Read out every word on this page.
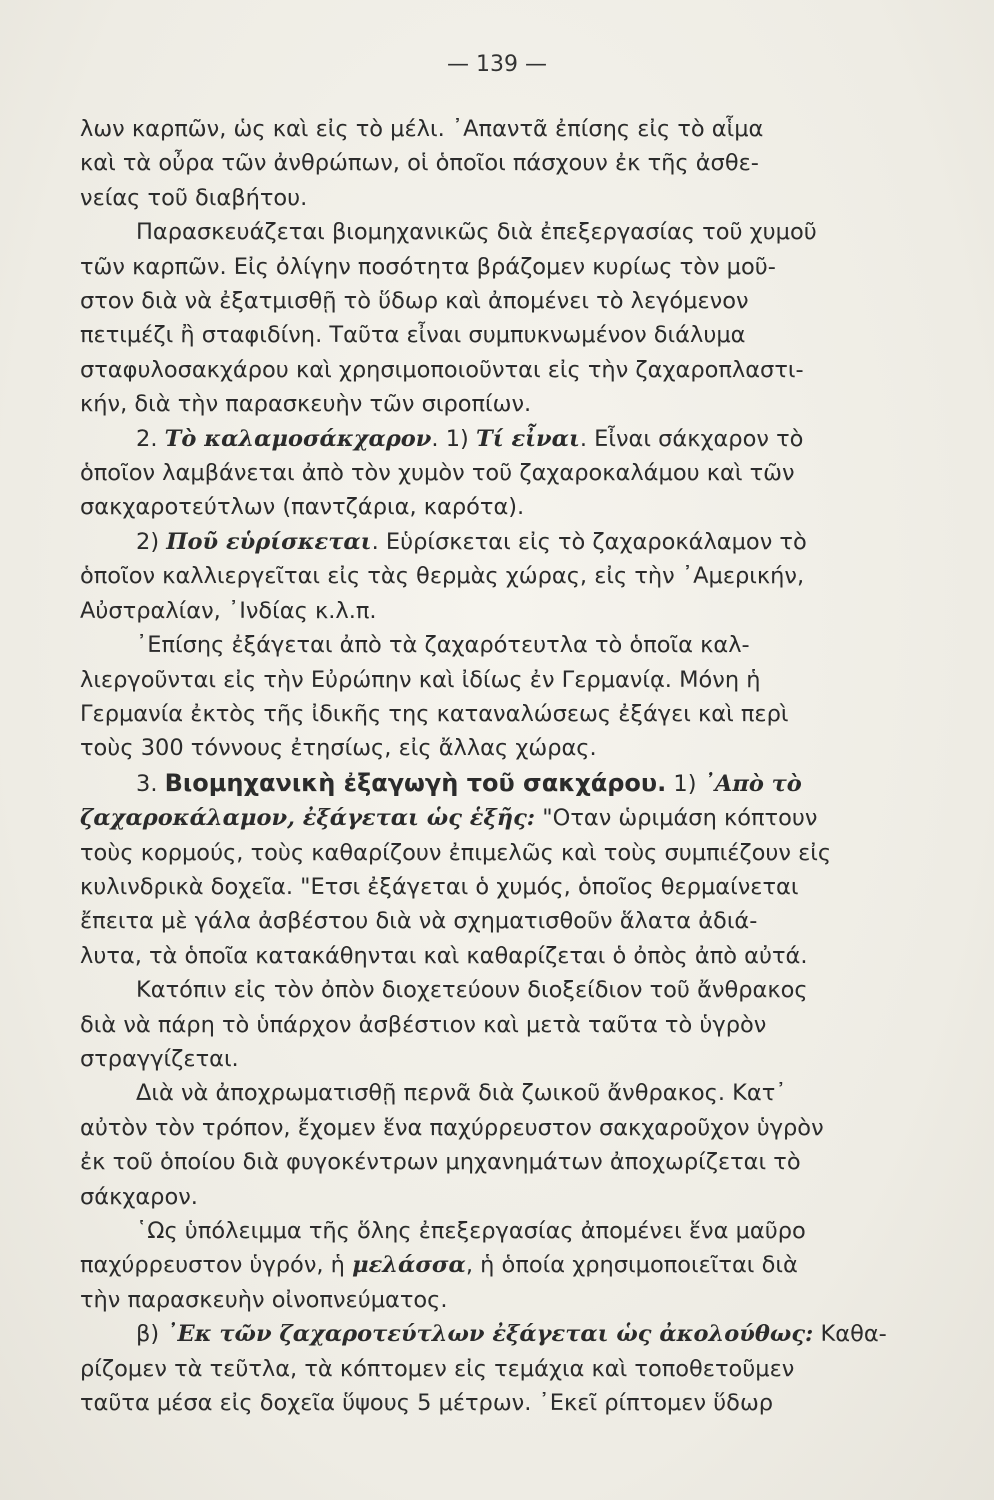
— 139 —
λων καρπῶν, ὡς καὶ εἰς τὸ μέλι. ᾿Απαντᾶ ἐπίσης εἰς τὸ αἷμα
καὶ τὰ οὖρα τῶν ἀνθρώπων, οἱ ὁποῖοι πάσχουν ἐκ τῆς ἀσθε-
νείας τοῦ διαβήτου.
Παρασκευάζεται βιομηχανικῶς διὰ ἐπεξεργασίας τοῦ χυμοῦ
τῶν καρπῶν. Εἰς ὀλίγην ποσότητα βράζομεν κυρίως τὸν μοῦ-
στον διὰ νὰ ἐξατμισθῇ τὸ ὕδωρ καὶ ἀπομένει τὸ λεγόμενον
πετιμέζι ἢ σταφιδίνη. Ταῦτα εἶναι συμπυκνωμένον διάλυμα
σταφυλοσακχάρου καὶ χρησιμοποιοῦνται εἰς τὴν ζαχαροπλαστι-
κήν, διὰ τὴν παρασκευὴν τῶν σιροπίων.
2. Τὸ καλαμοσάκχαρον. 1) Τί εἶναι. Εἶναι σάκχαρον τὸ
ὁποῖον λαμβάνεται ἀπὸ τὸν χυμὸν τοῦ ζαχαροκαλάμου καὶ τῶν
σακχαροτεύτλων (παντζάρια, καρότα).
2) Ποῦ εὑρίσκεται. Εὑρίσκεται εἰς τὸ ζαχαροκάλαμον τὸ
ὁποῖον καλλιεργεῖται εἰς τὰς θερμὰς χώρας, εἰς τὴν ᾿Αμερικήν,
Αὐστραλίαν, ᾿Ινδίας κ.λ.π.
᾿Επίσης ἐξάγεται ἀπὸ τὰ ζαχαρότευτλα τὸ ὁποῖα καλ-
λιεργοῦνται εἰς τὴν Εὐρώπην καὶ ἰδίως ἐν Γερμανίᾳ. Μόνη ἡ
Γερμανία ἐκτὸς τῆς ἰδικῆς της καταναλώσεως ἐξάγει καὶ περὶ
τοὺς 300 τόννους ἐτησίως, εἰς ἄλλας χώρας.
3. Βιομηχανικὴ ἐξαγωγὴ τοῦ σακχάρου. 1) ᾿Απὸ τὸ
ζαχαροκάλαμον, ἐξάγεται ὡς ἑξῆς: "Οταν ὡριμάση κόπτουν
τοὺς κορμούς, τοὺς καθαρίζουν ἐπιμελῶς καὶ τοὺς συμπιέζουν εἰς
κυλινδρικὰ δοχεῖα. "Ετσι ἐξάγεται ὁ χυμός, ὁποῖος θερμαίνεται
ἔπειτα μὲ γάλα ἀσβέστου διὰ νὰ σχηματισθοῦν ἅλατα ἀδιά-
λυτα, τὰ ὁποῖα κατακάθηνται καὶ καθαρίζεται ὁ ὀπὸς ἀπὸ αὐτά.
Κατόπιν εἰς τὸν ὀπὸν διοχετεύουν διοξείδιον τοῦ ἄνθρακος
διὰ νὰ πάρη τὸ ὑπάρχον ἀσβέστιον καὶ μετὰ ταῦτα τὸ ὑγρὸν
στραγγίζεται.
Διὰ νὰ ἀποχρωματισθῇ περνᾶ διὰ ζωικοῦ ἄνθρακος. Κατ᾿
αὐτὸν τὸν τρόπον, ἔχομεν ἕνα παχύρρευστον σακχαροῦχον ὑγρὸν
ἐκ τοῦ ὁποίου διὰ φυγοκέντρων μηχανημάτων ἀποχωρίζεται τὸ
σάκχαρον.
῾Ως ὑπόλειμμα τῆς ὅλης ἐπεξεργασίας ἀπομένει ἕνα μαῦρο
παχύρρευστον ὑγρόν, ἡ μελάσσα, ἡ ὁποία χρησιμοποιεῖται διὰ
τὴν παρασκευὴν οἰνοπνεύματος.
β) ᾿Εκ τῶν ζαχαροτεύτλων ἐξάγεται ὡς ἀκολούθως: Καθα-
ρίζομεν τὰ τεῦτλα, τὰ κόπτομεν εἰς τεμάχια καὶ τοποθετοῦμεν
ταῦτα μέσα εἰς δοχεῖα ὕψους 5 μέτρων. ᾿Εκεῖ ρίπτομεν ὕδωρ
